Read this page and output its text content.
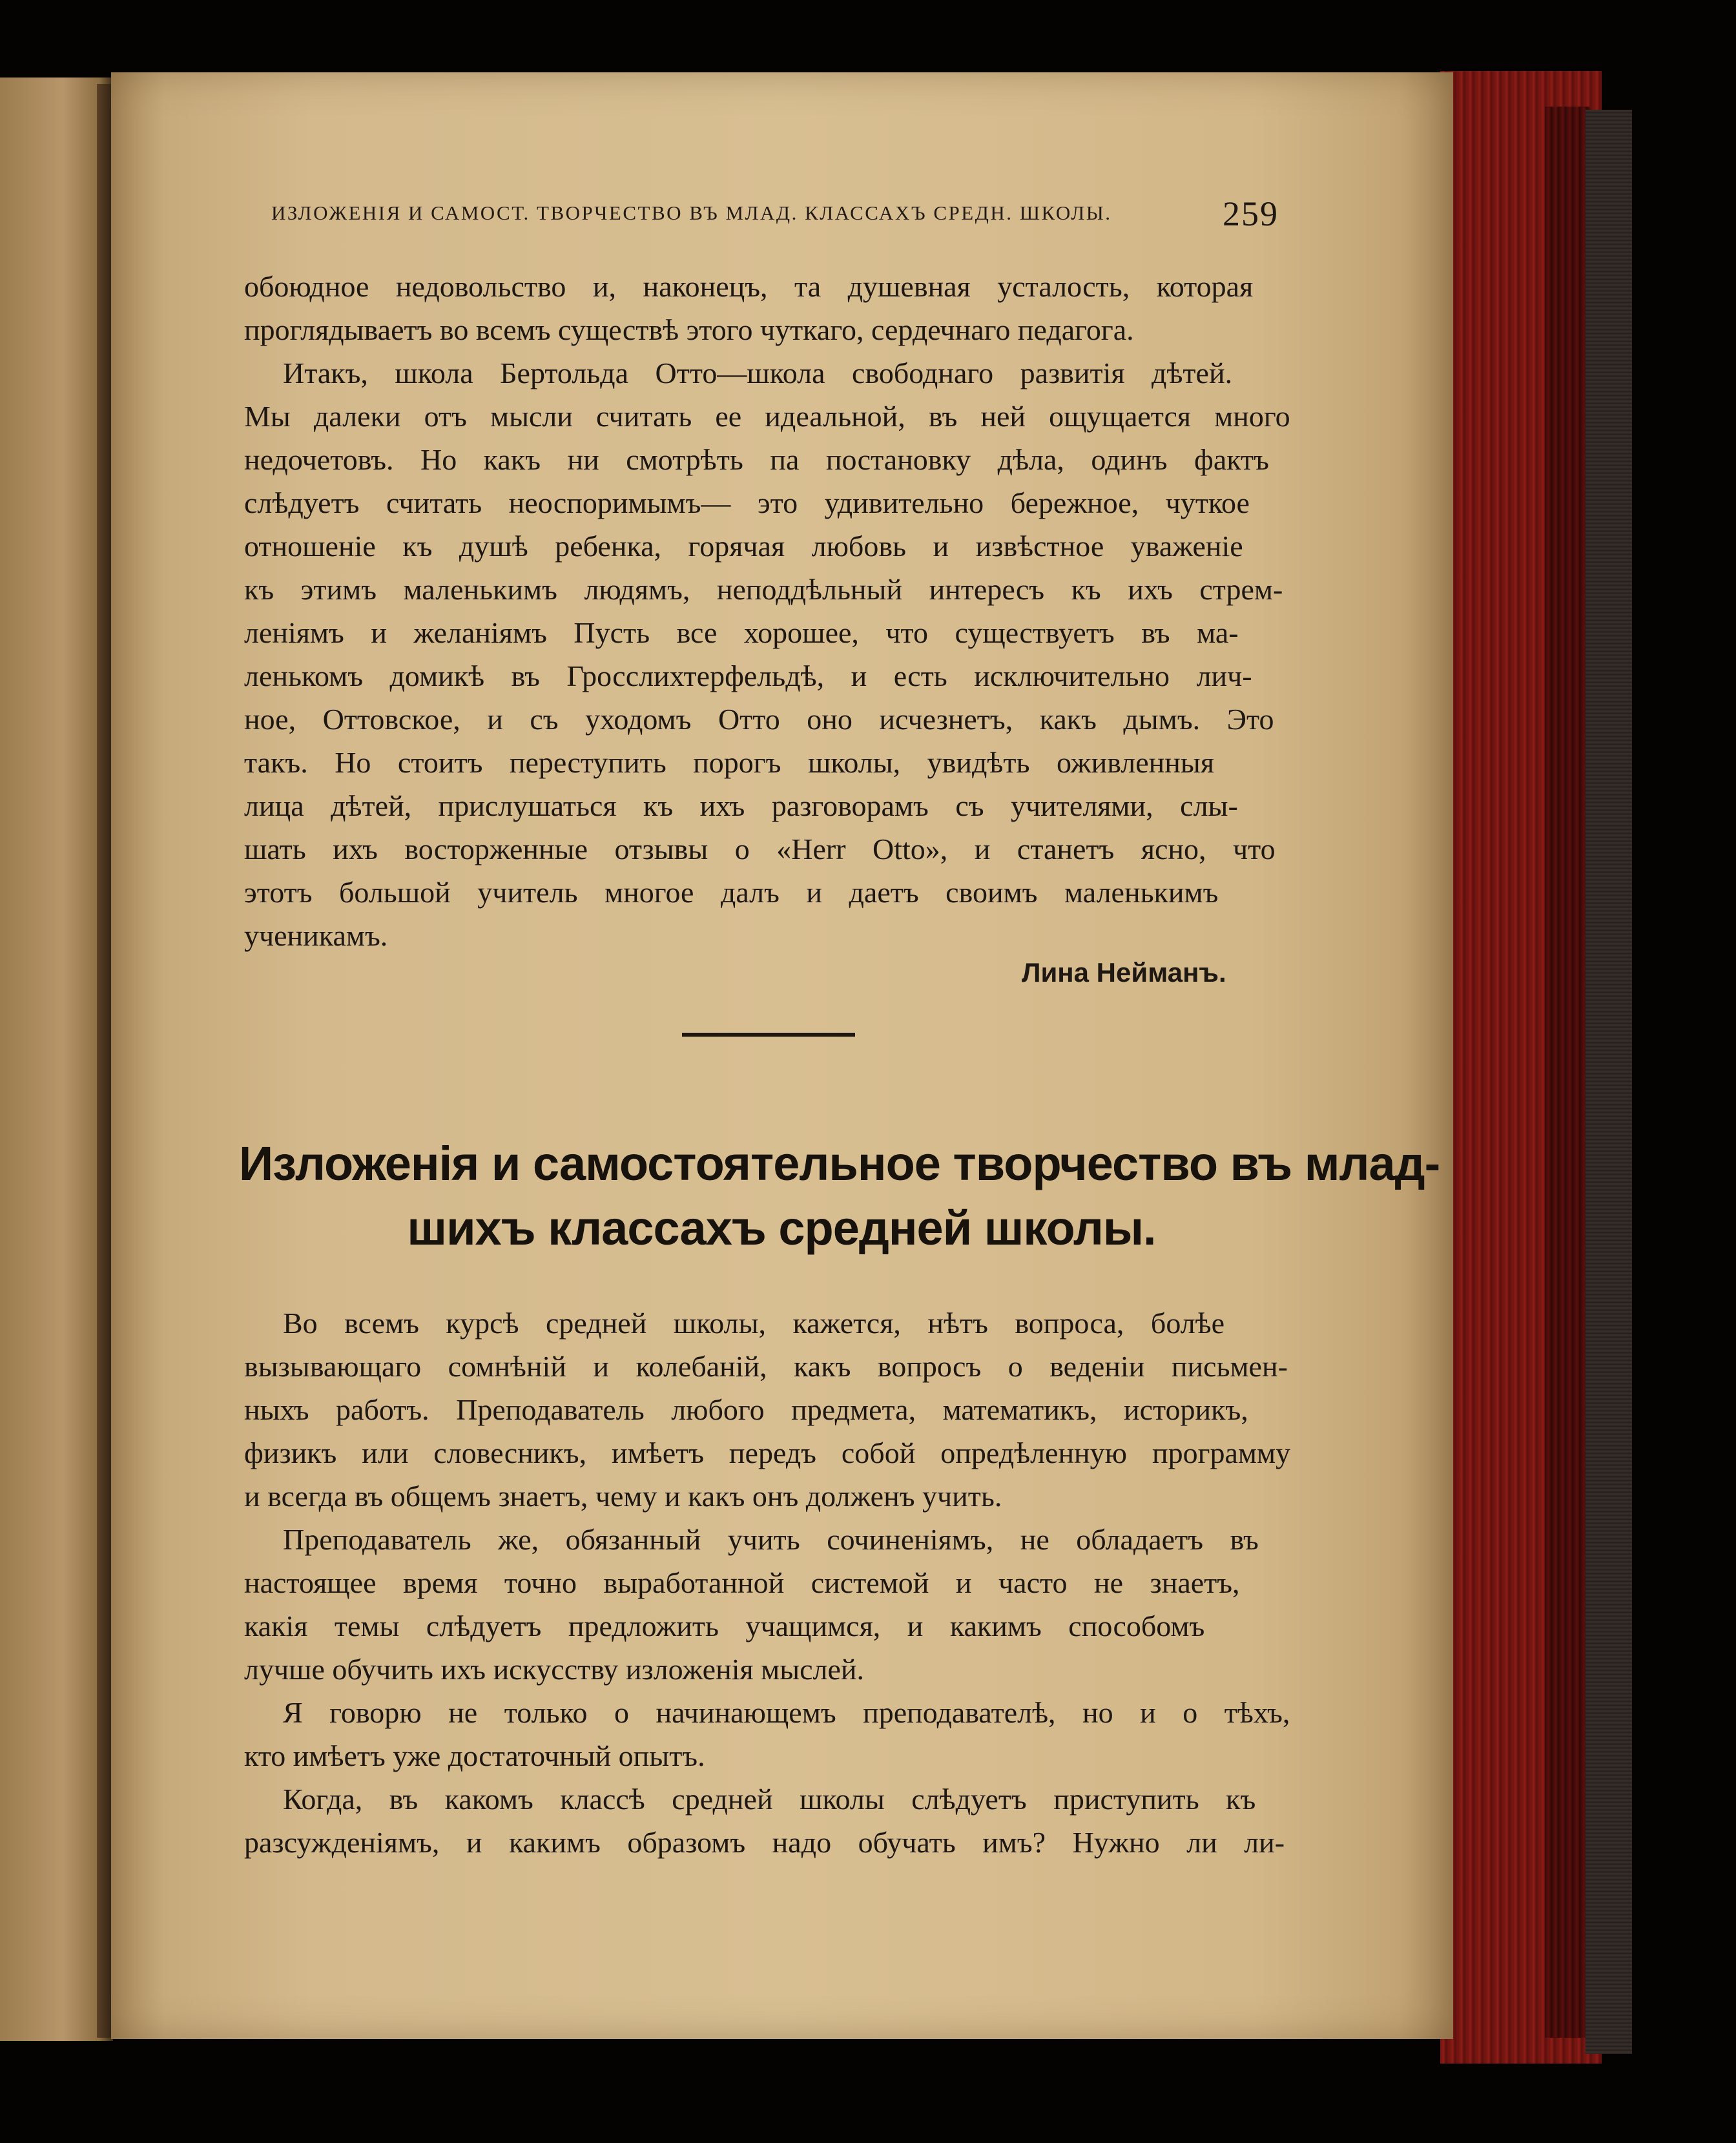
ИЗЛОЖЕНІЯ И САМОСТ. ТВОРЧЕСТВО ВЪ МЛАД. КЛАССАХЪ СРЕДН. ШКОЛЫ.	259
обоюдное недовольство и, наконецъ, та душевная усталость, которая
проглядываетъ во всемъ существѣ этого чуткаго, сердечнаго педагога.
Итакъ, школа Бертольда Отто—школа свободнаго развитія дѣтей.
Мы далеки отъ мысли считать ее идеальной, въ ней ощущается много
недочетовъ. Но какъ ни смотрѣть па постановку дѣла, одинъ фактъ
слѣдуетъ считать неоспоримымъ— это удивительно бережное, чуткое
отношеніе къ душѣ ребенка, горячая любовь и извѣстное уваженіе
къ этимъ маленькимъ людямъ, неподдѣльный интересъ къ ихъ стрем-
леніямъ и желаніямъ Пусть все хорошее, что существуетъ въ ма-
ленькомъ домикѣ въ Гросслихтерфельдѣ, и есть исключительно лич-
ное, Оттовское, и съ уходомъ Отто оно исчезнетъ, какъ дымъ. Это
такъ. Но стоитъ переступить порогъ школы, увидѣть оживленныя
лица дѣтей, прислушаться къ ихъ разговорамъ съ учителями, слы-
шать ихъ восторженные отзывы о «Herr Otto», и станетъ ясно, что
этотъ большой учитель многое далъ и даетъ своимъ маленькимъ
ученикамъ.
Лина Нейманъ.
Изложенія и самостоятельное творчество въ млад-
шихъ классахъ средней школы.
Во всемъ курсѣ средней школы, кажется, нѣтъ вопроса, болѣе
вызывающаго сомнѣній и колебаній, какъ вопросъ о веденіи письмен-
ныхъ работъ. Преподаватель любого предмета, математикъ, историкъ,
физикъ или словесникъ, имѣетъ передъ собой опредѣленную программу
и всегда въ общемъ знаетъ, чему и какъ онъ долженъ учить.
Преподаватель же, обязанный учить сочиненіямъ, не обладаетъ въ
настоящее время точно выработанной системой и часто не знаетъ,
какія темы слѣдуетъ предложить учащимся, и какимъ способомъ
лучше обучить ихъ искусству изложенія мыслей.
Я говорю не только о начинающемъ преподавателѣ, но и о тѣхъ,
кто имѣетъ уже достаточный опытъ.
Когда, въ какомъ классѣ средней школы слѣдуетъ приступить къ
разсужденіямъ, и какимъ образомъ надо обучать имъ? Нужно ли ли-
